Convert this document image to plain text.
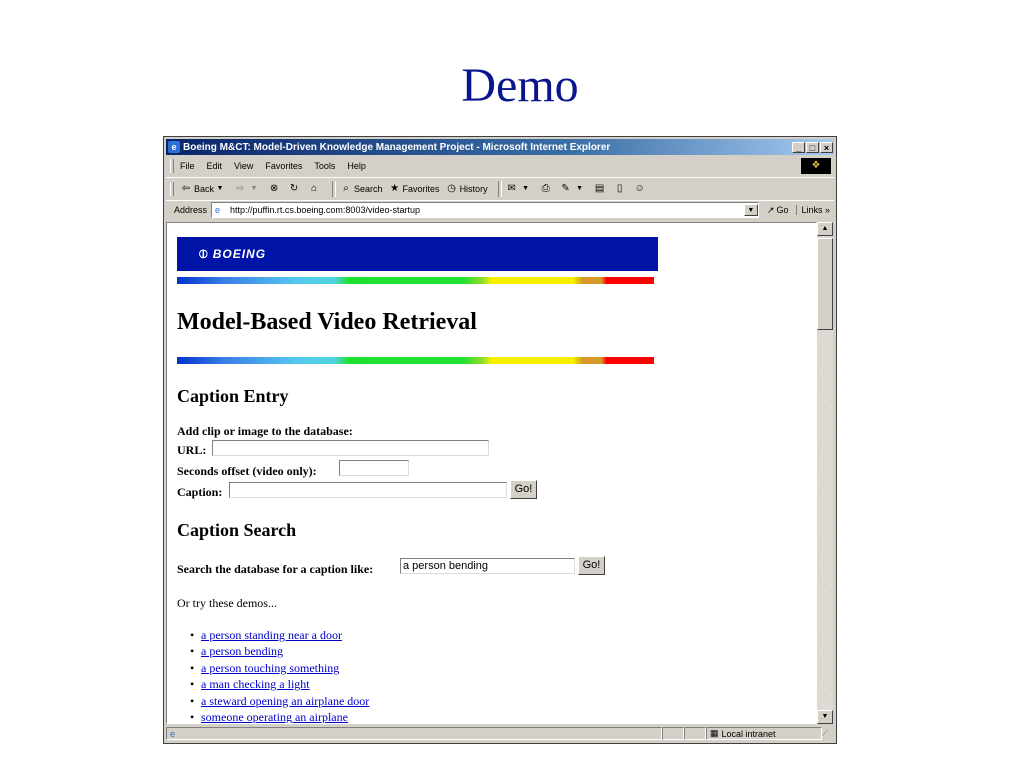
Demo
e Boeing M&CT: Model-Driven Knowledge Management Project - Microsoft Internet Explorer	_ □ ×
File Edit View Favorites Tools Help	❖
⇦ Back ▼ ⇨ ▼ ⊗ ↻ ⌂	⌕ Search ★ Favorites ◷ History ✉ ▼ ⎙ ✎ ▼ ▤	▯	☺
Address e	http://puffin.rt.cs.boeing.com:8003/video-startup	▼	↗ Go	Links »
⦶ BOEING
Model-Based Video Retrieval
Caption Entry
Add clip or image to the database:
URL:
Seconds offset (video only):
Caption:	Go!
Caption Search
Search the database for a caption like:	a person bending	Go!
Or try these demos...
• a person standing near a door
• a person bending
• a person touching something
• a man checking a light
• a steward opening an airplane door
• someone operating an airplane
▲
▼
e	▦ Local intranet	⟋
